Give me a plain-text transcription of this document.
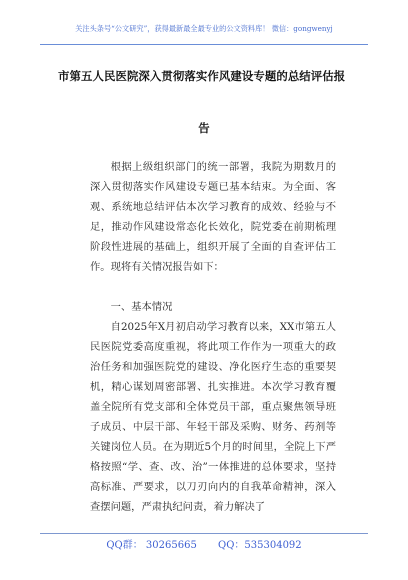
关注头条号“公文研究”，获得最新最全最专业的公文资料库！ 微信：gongwenyj
市第五人民医院深入贯彻落实作风建设专题的总结评估报
告

根据上级组织部门的统一部署，我院为期数月的深入贯彻落实作风建设专题已基本结束。为全面、客观、系统地总结评估本次学习教育的成效、经验与不足，推动作风建设常态化长效化，院党委在前期梳理阶段性进展的基础上，组织开展了全面的自查评估工作。现将有关情况报告如下：

一、基本情况

自2025年X月初启动学习教育以来，XX市第五人民医院党委高度重视，将此项工作作为一项重大的政治任务和加强医院党的建设、净化医疗生态的重要契机，精心谋划周密部署、扎实推进。本次学习教育覆盖全院所有党支部和全体党员干部，重点聚焦领导班子成员、中层干部、年轻干部及采购、财务、药剂等关键岗位人员。在为期近5个月的时间里，全院上下严格按照“学、查、改、治”一体推进的总体要求，坚持高标准、严要求，以刀刃向内的自我革命精神，深入查摆问题，严肃执纪问责，着力解决了

QQ群： 30265665 QQ：535304092
